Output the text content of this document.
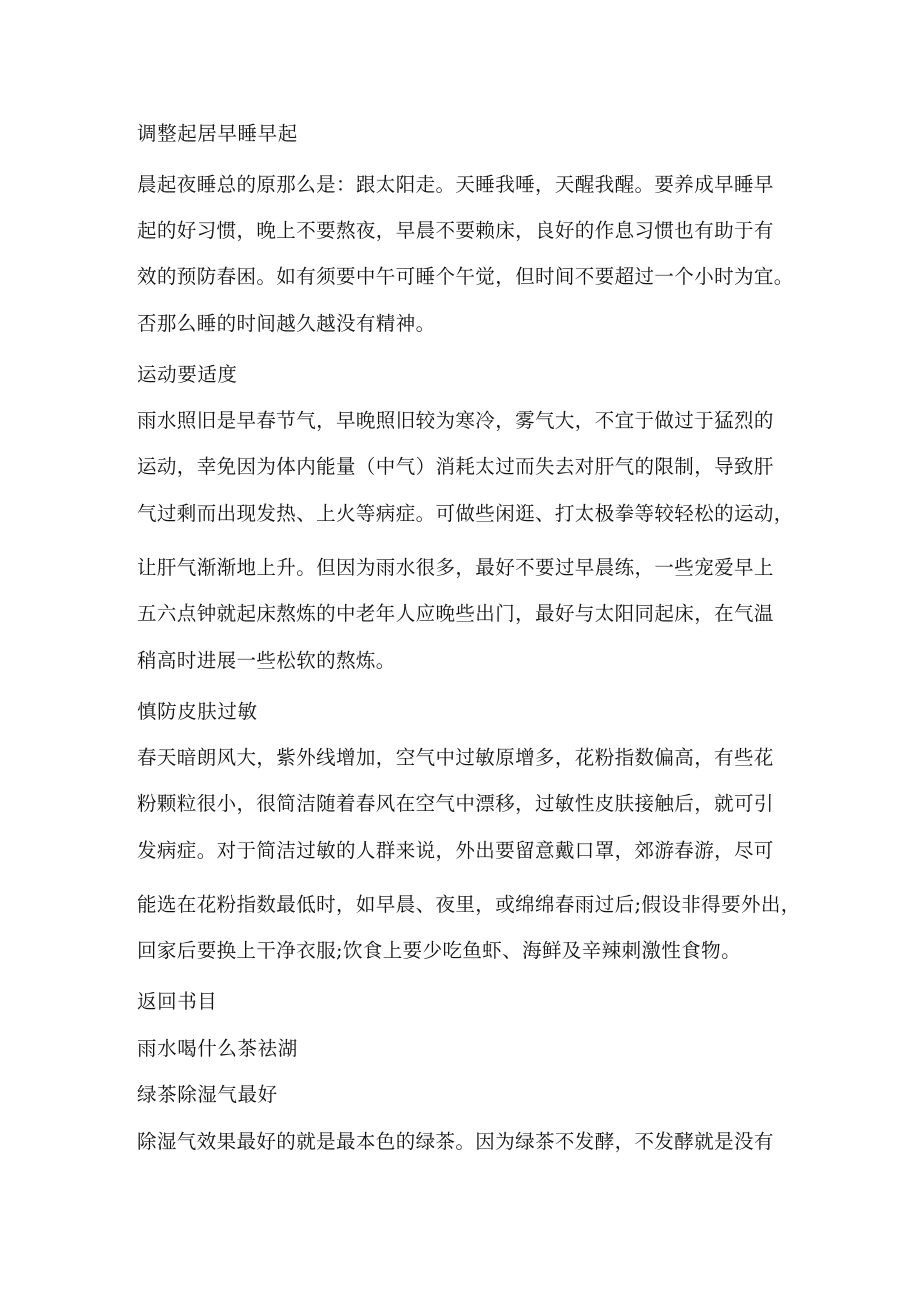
调整起居早睡早起
晨起夜睡总的原那么是：跟太阳走。天睡我唾，天醒我醒。要养成早睡早
起的好习惯，晚上不要熬夜，早晨不要赖床，良好的作息习惯也有助于有
效的预防春困。如有须要中午可睡个午觉，但时间不要超过一个小时为宜。
否那么睡的时间越久越没有精神。
运动要适度
雨水照旧是早春节气，早晚照旧较为寒冷，雾气大，不宜于做过于猛烈的
运动，幸免因为体内能量（中气）消耗太过而失去对肝气的限制，导致肝
气过剩而出现发热、上火等病症。可做些闲逛、打太极拳等较轻松的运动，
让肝气渐渐地上升。但因为雨水很多，最好不要过早晨练，一些宠爱早上
五六点钟就起床熬炼的中老年人应晚些出门，最好与太阳同起床，在气温
稍高时进展一些松软的熬炼。
慎防皮肤过敏
春天暗朗风大，紫外线增加，空气中过敏原增多，花粉指数偏高，有些花
粉颗粒很小，很简洁随着春风在空气中漂移，过敏性皮肤接触后，就可引
发病症。对于简洁过敏的人群来说，外出要留意戴口罩，郊游春游，尽可
能选在花粉指数最低时，如早晨、夜里，或绵绵春雨过后;假设非得要外出，
回家后要换上干净衣服;饮食上要少吃鱼虾、海鲜及辛辣刺激性食物。
返回书目
雨水喝什么茶祛湖
绿茶除湿气最好
除湿气效果最好的就是最本色的绿茶。因为绿茶不发酵，不发酵就是没有
